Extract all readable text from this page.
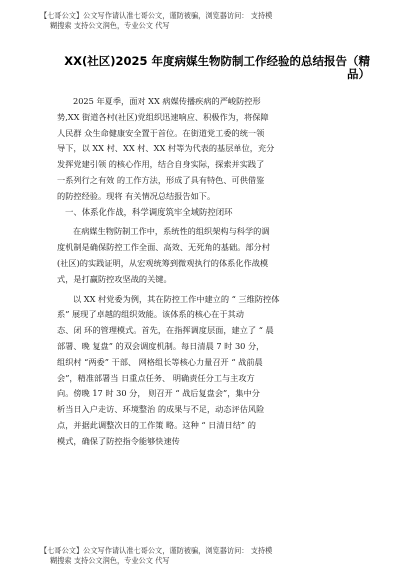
【七哥公文】公文写作请认准七哥公文，谨防被骗，浏览器访问： 支持模
糊搜索 支持公文润色，专业公文 代写
XX(社区)2025 年度病媒生物防制工作经验的总结报告（精
品）
2025 年夏季，面对 XX 病媒传播疾病的严峻防控形
势,XX 街道各村(社区)党组织迅速响应、积极作为，将保障
人民群 众生命健康安全置于首位。在街道党工委的统一领
导下，以 XX 村、XX 村、XX 村等为代表的基层单位，充分
发挥党建引领 的核心作用，结合自身实际，探索并实践了
一系列行之有效 的工作方法，形成了具有特色、可供借鉴
的防控经验。现将 有关情况总结报告如下。
一、体系化作战，科学调度筑牢全域防控闭环
在病媒生物防制工作中，系统性的组织架构与科学的调
度机制是确保防控工作全面、高效、无死角的基础。部分村
(社区)的实践证明，从宏观统筹到微观执行的体系化作战模
式，是打赢防控攻坚战的关键。
以 XX 村党委为例，其在防控工作中建立的 “ 三维防控体
系” 展现了卓越的组织效能。该体系的核心在于其动
态、闭 环的管理模式。首先，在指挥调度层面，建立了 “ 晨
部署、晚 复盘” 的双会调度机制。每日清晨 7 时 30 分，
组织村 “两委” 干部、 网格组长等核心力量召开 “ 战前晨
会”，精准部署当 日重点任务、 明确责任分工与主攻方
向。傍晚 17 时 30 分， 则召开 “ 战后复盘会”，集中分
析当日入户走访、环境整治 的成果与不足，动态评估风险
点，并据此调整次日的工作策 略。这种 “ 日清日结” 的
模式，确保了防控指令能够快速传
【七哥公文】公文写作请认准七哥公文，谨防被骗，浏览器访问： 支持模
糊搜索 支持公文润色，专业公文 代写
